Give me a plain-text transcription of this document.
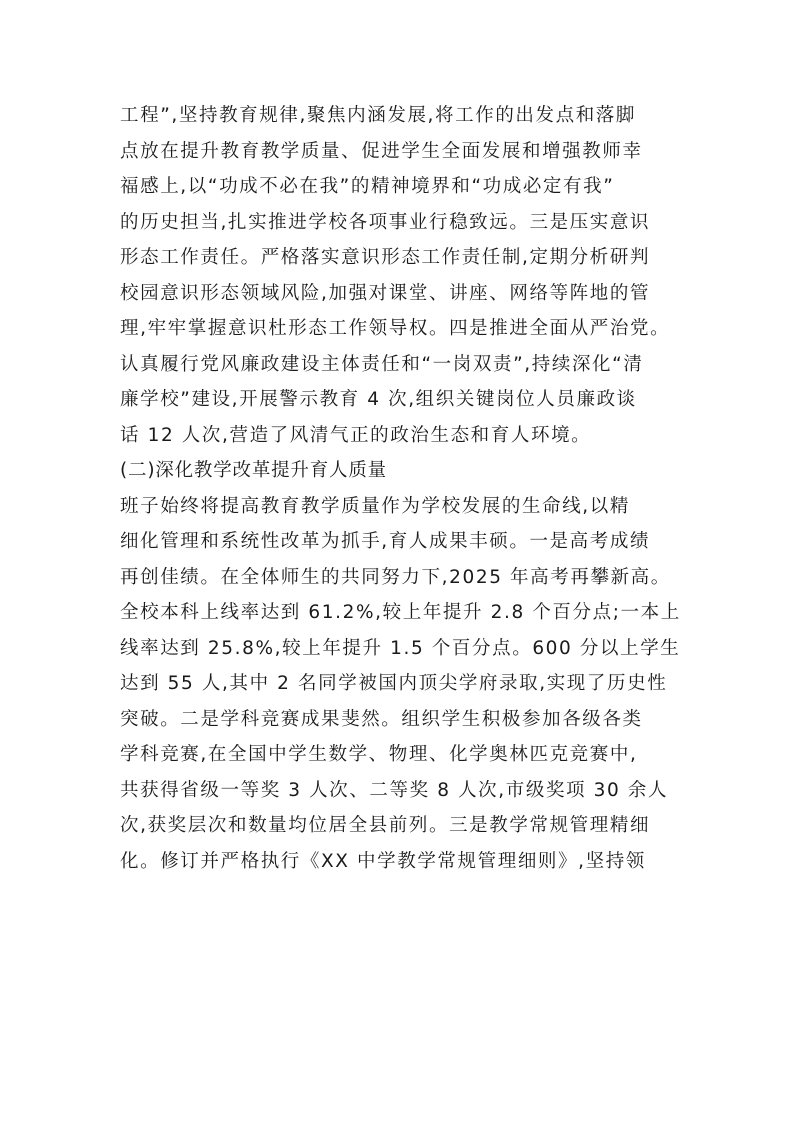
工程”,坚持教育规律,聚焦内涵发展,将工作的出发点和落脚
点放在提升教育教学质量、促进学生全面发展和增强教师幸
福感上,以“功成不必在我”的精神境界和“功成必定有我”
的历史担当,扎实推进学校各项事业行稳致远。三是压实意识
形态工作责任。严格落实意识形态工作责任制,定期分析研判
校园意识形态领域风险,加强对课堂、讲座、网络等阵地的管
理,牢牢掌握意识杜形态工作领导权。四是推进全面从严治党。
认真履行党风廉政建设主体责任和“一岗双责”,持续深化“清
廉学校”建设,开展警示教育 4 次,组织关键岗位人员廉政谈
话 12 人次,营造了风清气正的政治生态和育人环境。
(二)深化教学改革提升育人质量
班子始终将提高教育教学质量作为学校发展的生命线,以精
细化管理和系统性改革为抓手,育人成果丰硕。一是高考成绩
再创佳绩。在全体师生的共同努力下,2025 年高考再攀新高。
全校本科上线率达到 61.2%,较上年提升 2.8 个百分点;一本上
线率达到 25.8%,较上年提升 1.5 个百分点。600 分以上学生
达到 55 人,其中 2 名同学被国内顶尖学府录取,实现了历史性
突破。二是学科竞赛成果斐然。组织学生积极参加各级各类
学科竞赛,在全国中学生数学、物理、化学奥林匹克竞赛中,
共获得省级一等奖 3 人次、二等奖 8 人次,市级奖项 30 余人
次,获奖层次和数量均位居全县前列。三是教学常规管理精细
化。修订并严格执行《XX 中学教学常规管理细则》,坚持领
